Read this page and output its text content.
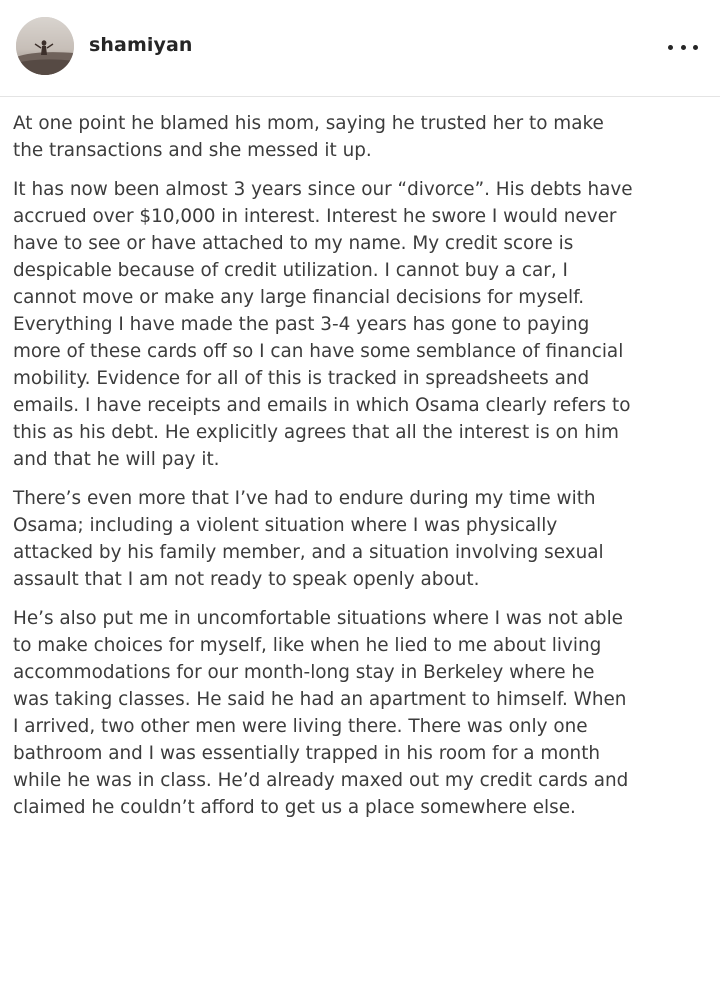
shamiyan

At one point he blamed his mom, saying he trusted her to make
the transactions and she messed it up.

It has now been almost 3 years since our “divorce”. His debts have
accrued over $10,000 in interest. Interest he swore I would never
have to see or have attached to my name. My credit score is
despicable because of credit utilization. I cannot buy a car, I
cannot move or make any large financial decisions for myself.
Everything I have made the past 3-4 years has gone to paying
more of these cards off so I can have some semblance of financial
mobility. Evidence for all of this is tracked in spreadsheets and
emails. I have receipts and emails in which Osama clearly refers to
this as his debt. He explicitly agrees that all the interest is on him
and that he will pay it.

There’s even more that I’ve had to endure during my time with
Osama; including a violent situation where I was physically
attacked by his family member, and a situation involving sexual
assault that I am not ready to speak openly about.

He’s also put me in uncomfortable situations where I was not able
to make choices for myself, like when he lied to me about living
accommodations for our month-long stay in Berkeley where he
was taking classes. He said he had an apartment to himself. When
I arrived, two other men were living there. There was only one
bathroom and I was essentially trapped in his room for a month
while he was in class. He’d already maxed out my credit cards and
claimed he couldn’t afford to get us a place somewhere else.
